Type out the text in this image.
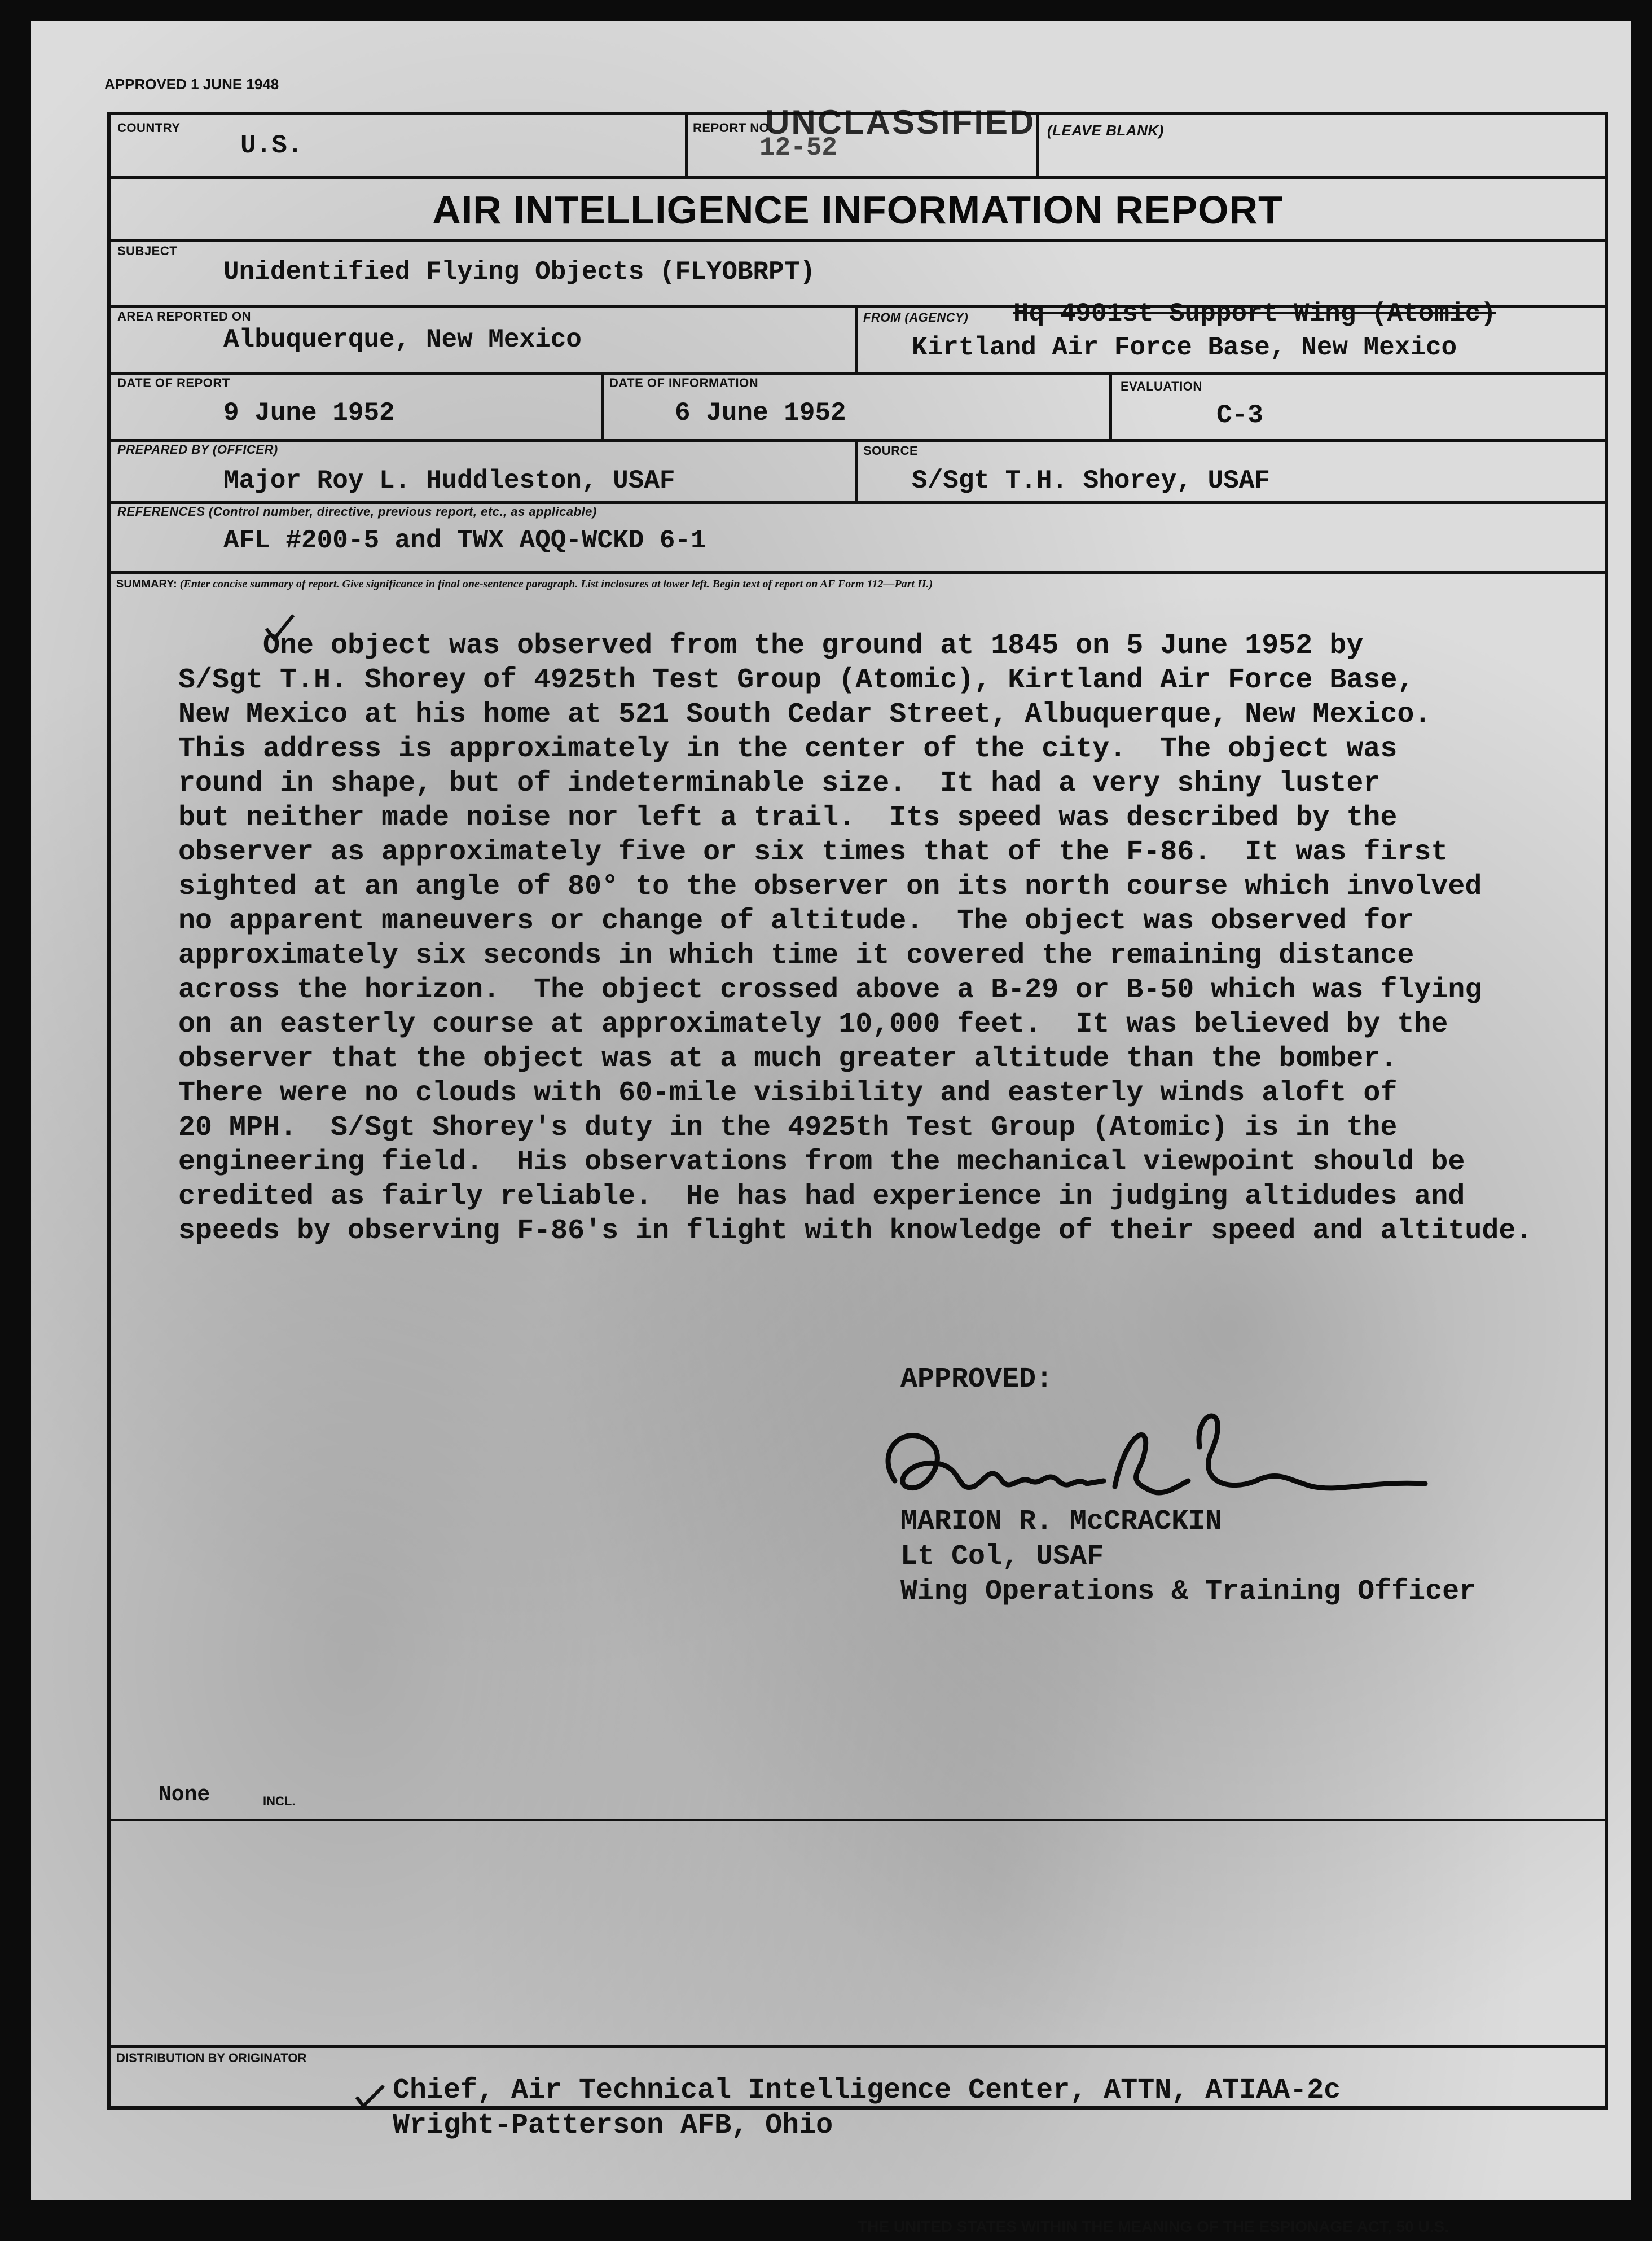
APPROVED 1 JUNE 1948
COUNTRY
U.S.
REPORT NO.
12-52
UNCLASSIFIED (LEAVE BLANK)
AIR INTELLIGENCE INFORMATION REPORT
SUBJECT
Unidentified Flying Objects (FLYOBRPT)
AREA REPORTED ON
Albuquerque, New Mexico
FROM (AGENCY) Hq 4901st Support Wing (Atomic)
Kirtland Air Force Base, New Mexico
DATE OF REPORT
9 June 1952
DATE OF INFORMATION
6 June 1952
EVALUATION
C-3
PREPARED BY (OFFICER)
Major Roy L. Huddleston, USAF
SOURCE
S/Sgt T.H. Shorey, USAF
REFERENCES (Control number, directive, previous report, etc., as applicable)
AFL #200-5 and TWX AQQ-WCKD 6-1
SUMMARY: (Enter concise summary of report. Give significance in final one-sentence paragraph. List inclosures at lower left. Begin text of report on AF Form 112—Part II.)
One object was observed from the ground at 1845 on 5 June 1952 by
S/Sgt T.H. Shorey of 4925th Test Group (Atomic), Kirtland Air Force Base,
New Mexico at his home at 521 South Cedar Street, Albuquerque, New Mexico.
This address is approximately in the center of the city.  The object was
round in shape, but of indeterminable size.  It had a very shiny luster
but neither made noise nor left a trail.  Its speed was described by the
observer as approximately five or six times that of the F-86.  It was first
sighted at an angle of 80° to the observer on its north course which involved
no apparent maneuvers or change of altitude.  The object was observed for
approximately six seconds in which time it covered the remaining distance
across the horizon.  The object crossed above a B-29 or B-50 which was flying
on an easterly course at approximately 10,000 feet.  It was believed by the
observer that the object was at a much greater altitude than the bomber.
There were no clouds with 60-mile visibility and easterly winds aloft of
20 MPH.  S/Sgt Shorey's duty in the 4925th Test Group (Atomic) is in the
engineering field.  His observations from the mechanical viewpoint should be
credited as fairly reliable.  He has had experience in judging altidudes and
speeds by observing F-86's in flight with knowledge of their speed and altitude.
APPROVED:
MARION R. McCRACKIN
Lt Col, USAF
Wing Operations & Training Officer
None	INCL.
DISTRIBUTION BY ORIGINATOR
Chief, Air Technical Intelligence Center, ATTN, ATIAA-2c
Wright-Patterson AFB, Ohio
THE UNITED STATES WITHIN THE MEANING OF THE ESPIONAGE ACT, 50 U.S.
